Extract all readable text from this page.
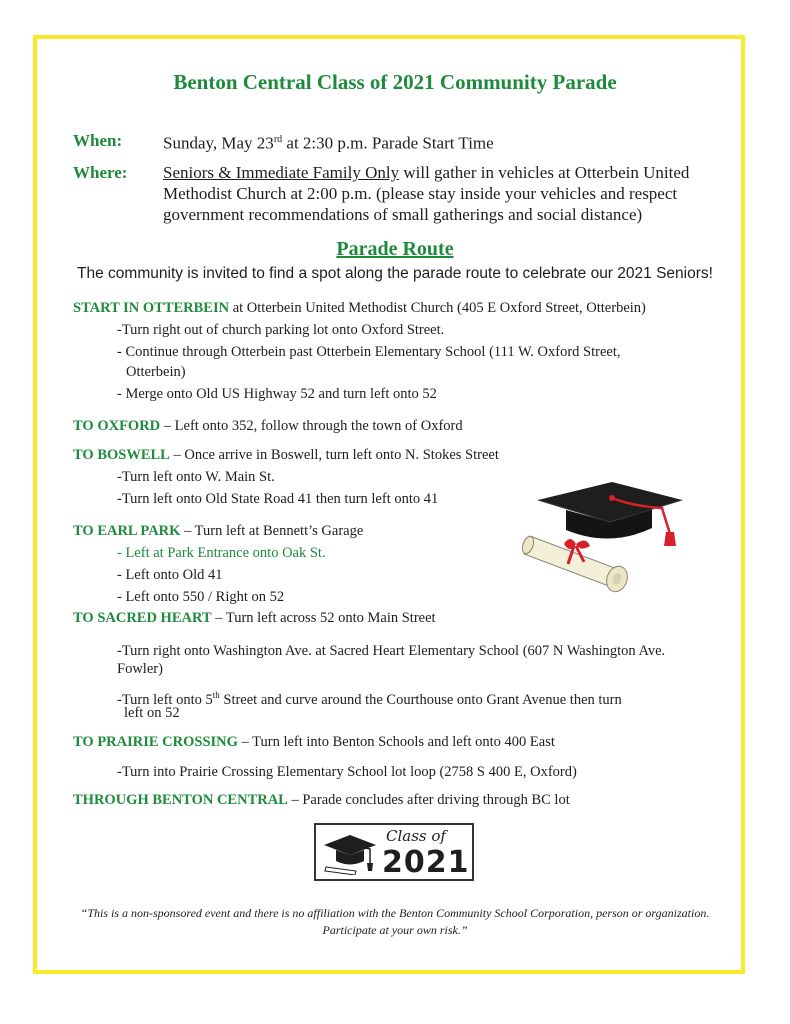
Benton Central Class of 2021 Community Parade
When: Sunday, May 23rd at 2:30 p.m. Parade Start Time
Where: Seniors & Immediate Family Only will gather in vehicles at Otterbein United
Methodist Church at 2:00 p.m. (please stay inside your vehicles and respect
government recommendations of small gatherings and social distance)
Parade Route
The community is invited to find a spot along the parade route to celebrate our 2021 Seniors!
START IN OTTERBEIN at Otterbein United Methodist Church (405 E Oxford Street, Otterbein)
-Turn right out of church parking lot onto Oxford Street.
- Continue through Otterbein past Otterbein Elementary School (111 W. Oxford Street,
Otterbein)
- Merge onto Old US Highway 52 and turn left onto 52
TO OXFORD – Left onto 352, follow through the town of Oxford
TO BOSWELL – Once arrive in Boswell, turn left onto N. Stokes Street
-Turn left onto W. Main St.
-Turn left onto Old State Road 41 then turn left onto 41
TO EARL PARK – Turn left at Bennett’s Garage
- Left at Park Entrance onto Oak St.
- Left onto Old 41
- Left onto 550 / Right on 52
TO SACRED HEART – Turn left across 52 onto Main Street
-Turn right onto Washington Ave. at Sacred Heart Elementary School (607 N Washington Ave.
Fowler)
-Turn left onto 5th Street and curve around the Courthouse onto Grant Avenue then turn
left on 52
TO PRAIRIE CROSSING – Turn left into Benton Schools and left onto 400 East
-Turn into Prairie Crossing Elementary School lot loop (2758 S 400 E, Oxford)
THROUGH BENTON CENTRAL – Parade concludes after driving through BC lot
Class of
2021
“This is a non-sponsored event and there is no affiliation with the Benton Community School Corporation, person or organization.
Participate at your own risk.”
